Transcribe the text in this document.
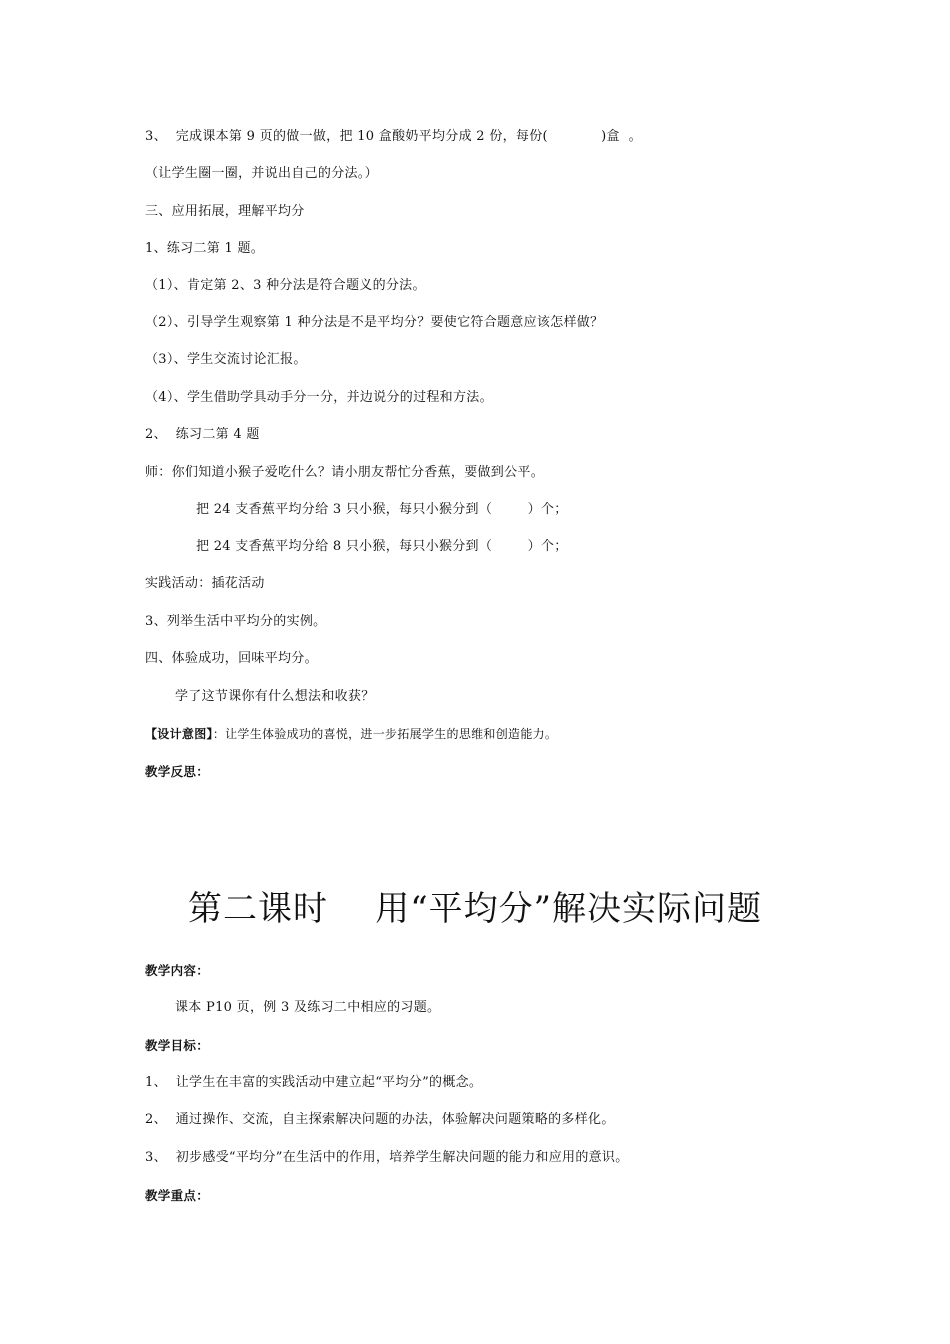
3、  完成课本第 9 页的做一做，把 10 盒酸奶平均分成 2 份，每份(            )盒  。
（让学生圈一圈，并说出自己的分法。）
三、应用拓展，理解平均分
1、练习二第 1 题。
（1）、肯定第 2、3 种分法是符合题义的分法。
（2）、引导学生观察第 1 种分法是不是平均分？要使它符合题意应该怎样做？
（3）、学生交流讨论汇报。
（4）、学生借助学具动手分一分，并边说分的过程和方法。
2、  练习二第 4 题
师：你们知道小猴子爱吃什么？请小朋友帮忙分香蕉，要做到公平。
把 24 支香蕉平均分给 3 只小猴，每只小猴分到（        ）个；
把 24 支香蕉平均分给 8 只小猴，每只小猴分到（        ）个；
实践活动：插花活动
3、列举生活中平均分的实例。
四、体验成功，回味平均分。
学了这节课你有什么想法和收获？
【设计意图】：让学生体验成功的喜悦，进一步拓展学生的思维和创造能力。
教学反思：
第二课时    用“平均分”解决实际问题
教学内容：
课本 P10 页，例 3 及练习二中相应的习题。
教学目标：
1、  让学生在丰富的实践活动中建立起“平均分”的概念。
2、  通过操作、交流，自主探索解决问题的办法，体验解决问题策略的多样化。
3、  初步感受“平均分”在生活中的作用，培养学生解决问题的能力和应用的意识。
教学重点：
